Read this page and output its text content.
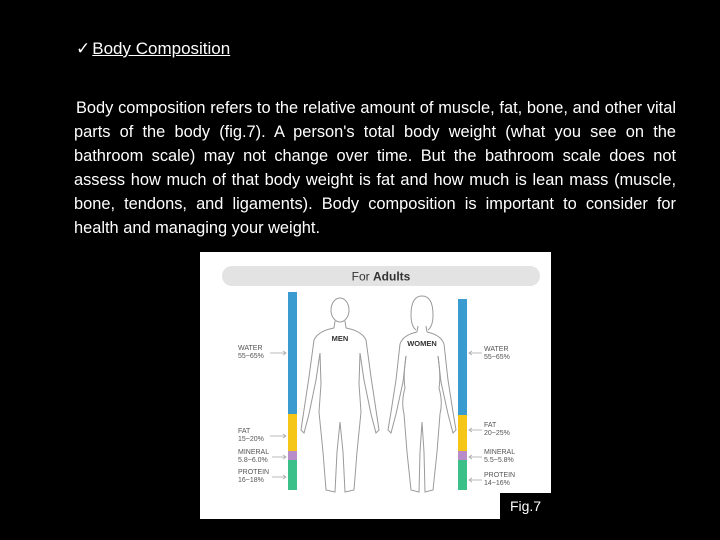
✓ Body Composition
Body composition refers to the relative amount of muscle, fat, bone, and other vital parts of the body (fig.7). A person's total body weight (what you see on the bathroom scale) may not change over time. But the bathroom scale does not assess how much of that body weight is fat and how much is lean mass (muscle, bone, tendons, and ligaments). Body composition is important to consider for health and managing your weight.
For Adults
WATER
55~65%
FAT
15~20%
MINERAL
5.8~6.0%
PROTEIN
16~18%
WATER
55~65%
FAT
20~25%
MINERAL
5.5~5.8%
PROTEIN
14~16%
MEN
WOMEN
Fig.7
